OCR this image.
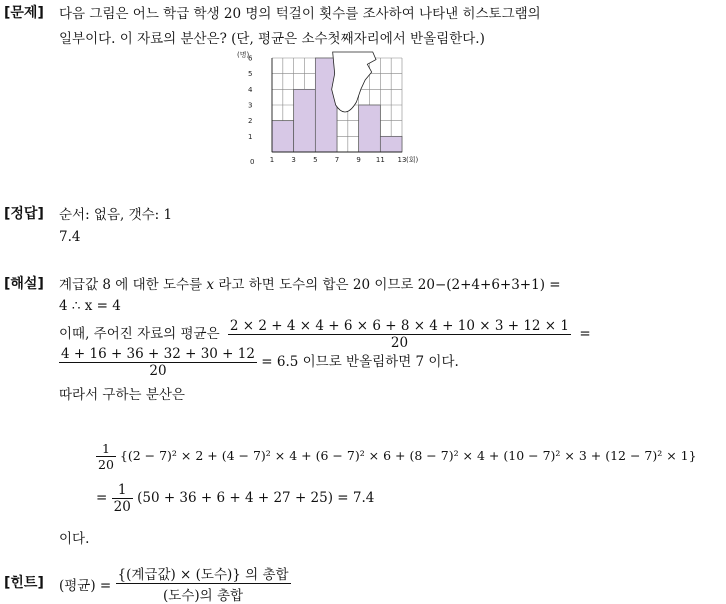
[문제] 다음 그림은 어느 학급 학생 20 명의 턱걸이 횟수를 조사하여 나타낸 히스토그램의
일부이다. 이 자료의 분산은? (단, 평균은 소수첫째자리에서 반올림한다.)
0
1
2
3
4
5
6
1 3 5 7 9 11 13
(명)
(회)
[정답] 순서: 없음, 갯수: 1
7.4
[해설] 계급값 8 에 대한 도수를 x 라고 하면 도수의 합은 20 이므로 20−(2+4+6+3+1) =
4 ∴ x = 4
이때, 주어진 자료의 평균은 $\frac{2 \times 2 + 4 \times 4 + 6 \times 6 + 8 \times 4 + 10 \times 3 + 12 \times 1}{20}$ =
$\frac{4 + 16 + 36 + 32 + 30 + 12}{20} = 6.5$ 이므로 반올림하면 7 이다.
따라서 구하는 분산은
$\frac{1}{20} \{(2 - 7)^2 \times 2 + (4 - 7)^2 \times 4 + (6 - 7)^2 \times 6 + (8 - 7)^2 \times 4 + (10 - 7)^2 \times 3 + (12 - 7)^2 \times 1\}$
= $\frac{1}{20} (50 + 36 + 6 + 4 + 27 + 25) = 7.4$
이다.
[힌트] (평균) = $\frac{\text{\{(계급값) × (도수)\} 의 총합}}{\text{(도수)의 총합}}$
